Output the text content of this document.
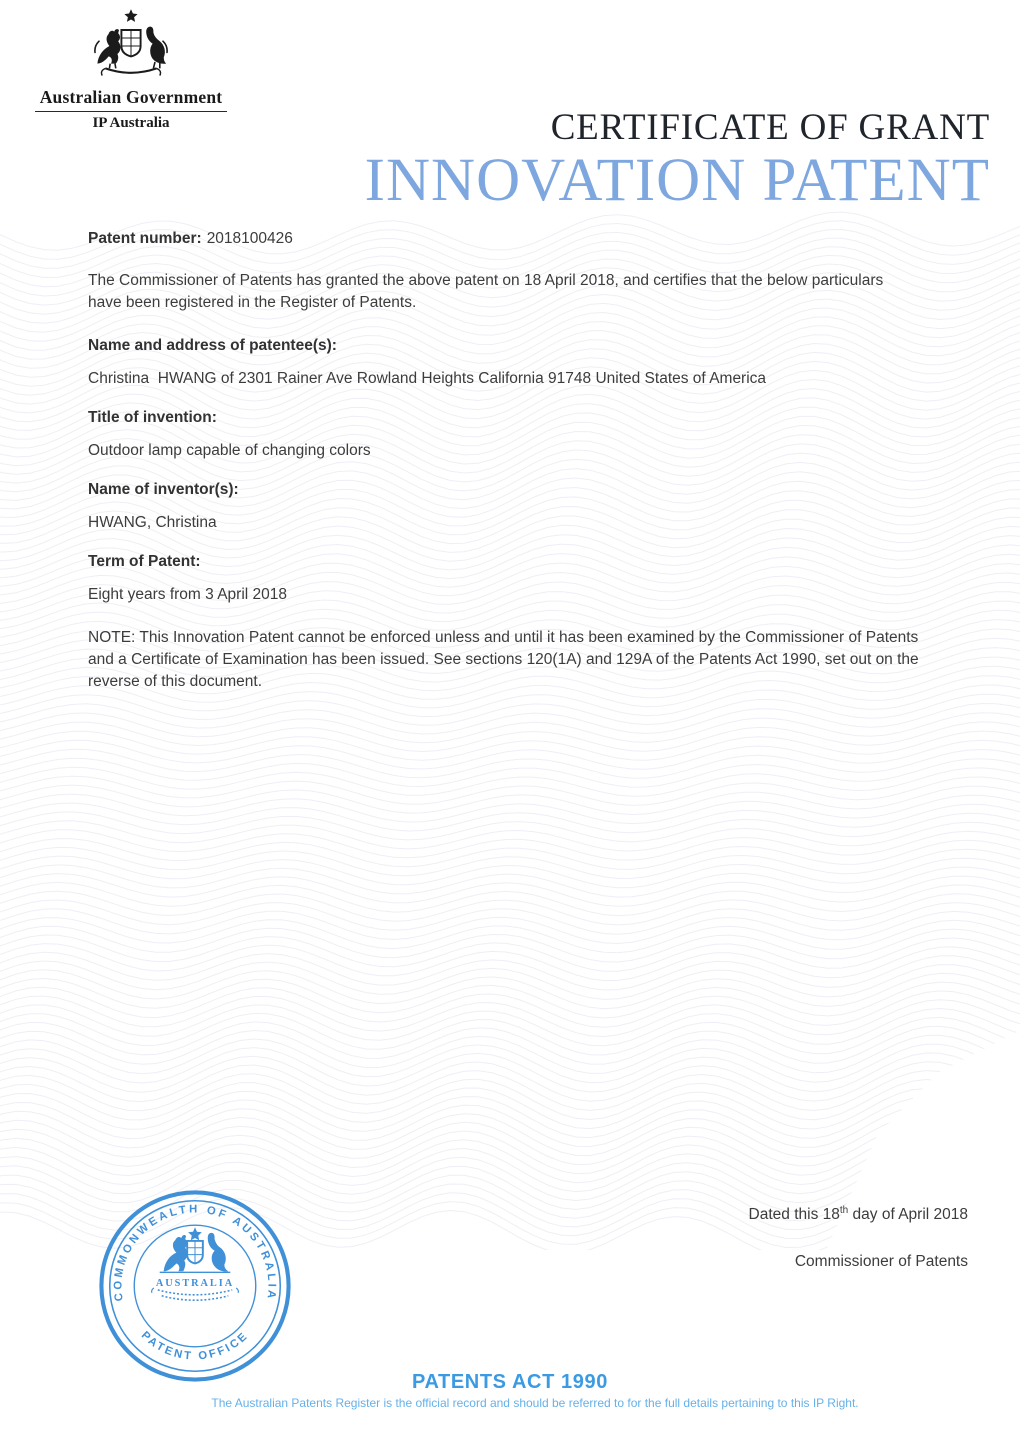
Australian Government
IP Australia	CERTIFICATE OF GRANT
INNOVATION PATENT
Patent number: 2018100426
The Commissioner of Patents has granted the above patent on 18 April 2018, and certifies that the below particulars have been registered in the Register of Patents.
Name and address of patentee(s):
Christina  HWANG of 2301 Rainer Ave Rowland Heights California 91748 United States of America
Title of invention:
Outdoor lamp capable of changing colors
Name of inventor(s):
HWANG, Christina
Term of Patent:
Eight years from 3 April 2018
NOTE: This Innovation Patent cannot be enforced unless and until it has been examined by the Commissioner of Patents and a Certificate of Examination has been issued. See sections 120(1A) and 129A of the Patents Act 1990, set out on the reverse of this document.
COMMONWEALTH OF AUSTRALIA
PATENT OFFICE
AUSTRALIA
Dated this 18th day of April 2018
Commissioner of Patents
PATENTS ACT 1990
The Australian Patents Register is the official record and should be referred to for the full details pertaining to this IP Right.
